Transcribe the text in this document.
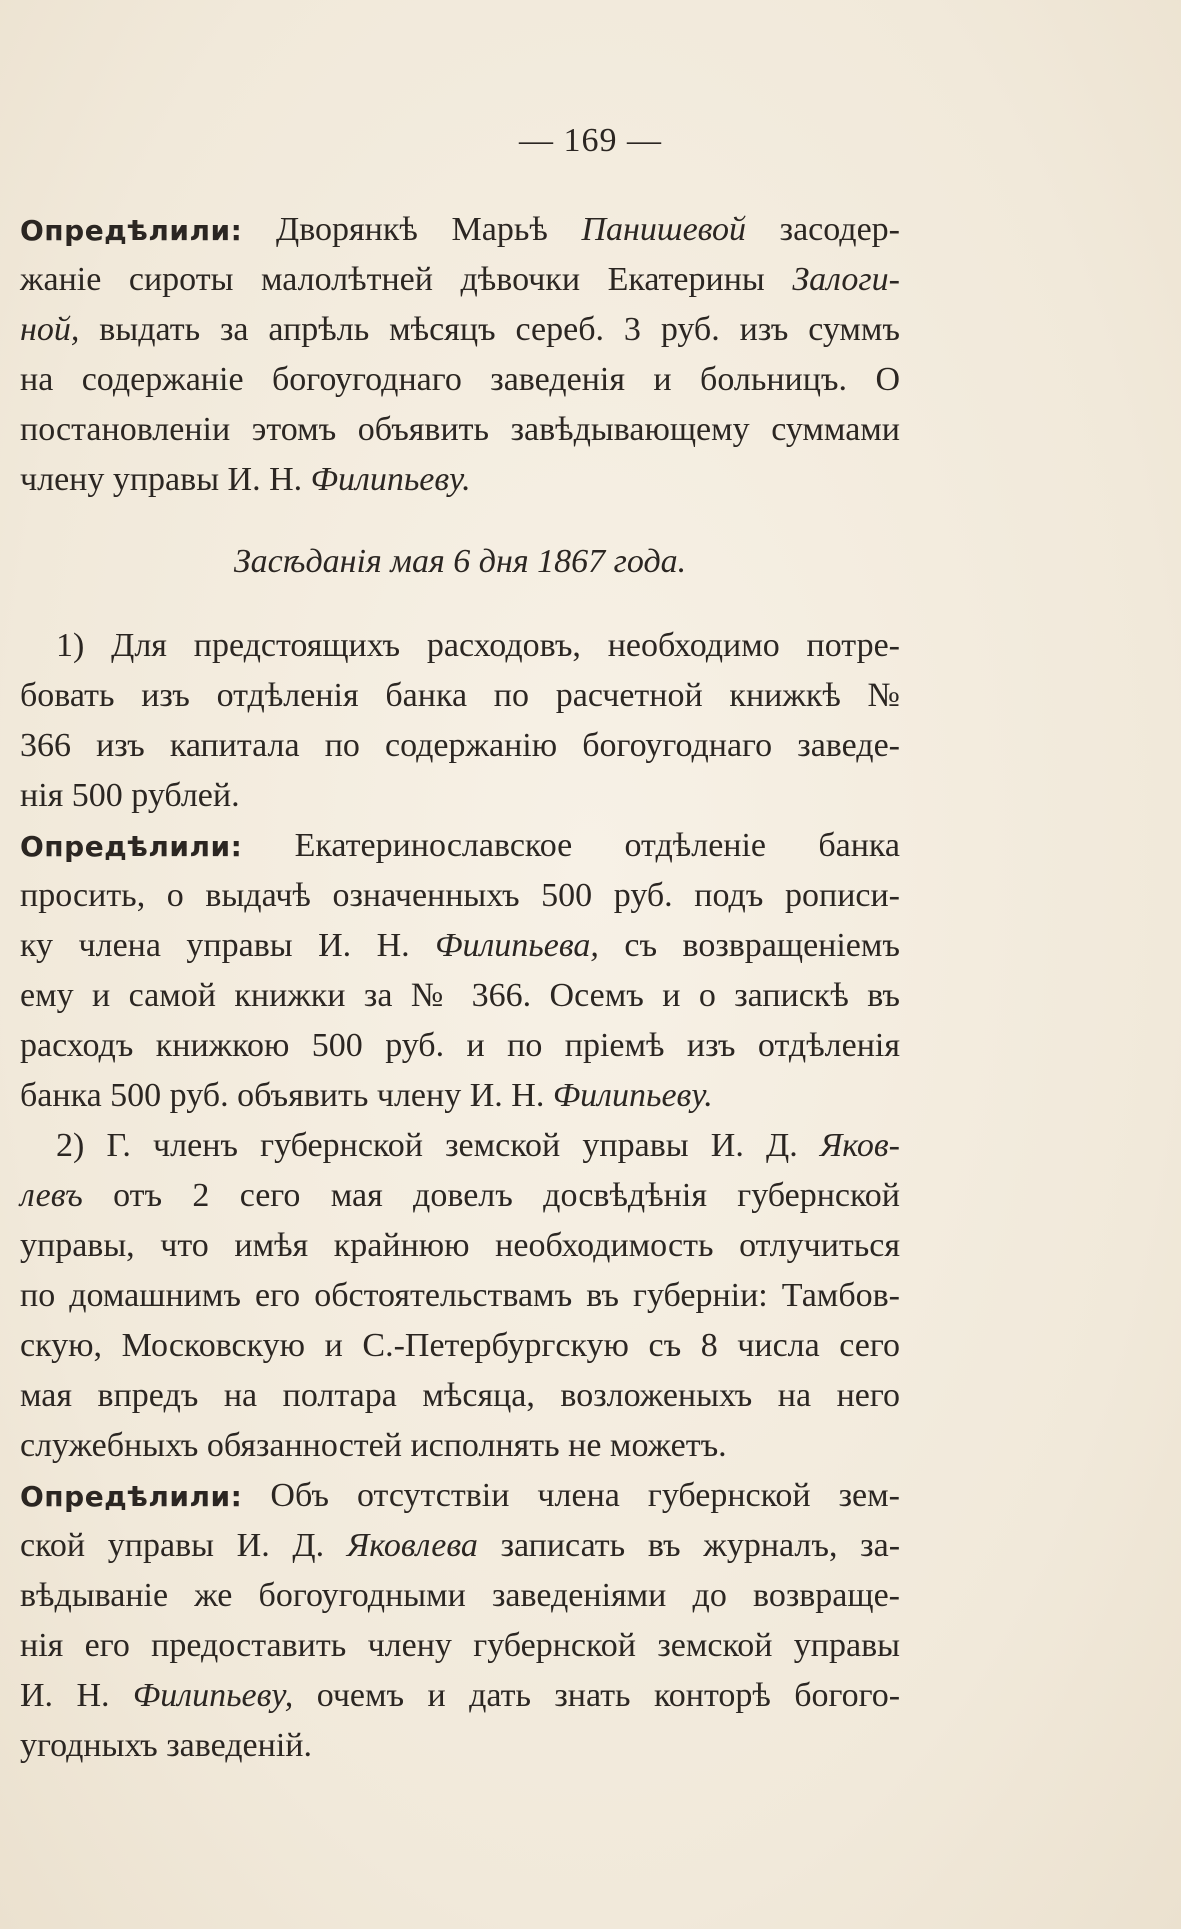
— 169 —
Опредѣлили: Дворянкѣ Марьѣ Панишевой засодер-
жаніе сироты малолѣтней дѣвочки Екатерины Залоги-
ной, выдать за апрѣль мѣсяцъ сереб. 3 руб. изъ суммъ
на содержаніе богоугоднаго заведенія и больницъ. О
постановленіи этомъ объявить завѣдывающему суммами
члену управы И. Н. Филипьеву.
Засѣданія мая 6 дня 1867 года.
1) Для предстоящихъ расходовъ, необходимо потре-
бовать изъ отдѣленія банка по расчетной книжкѣ №
366 изъ капитала по содержанію богоугоднаго заведе-
нія 500 рублей.
Опредѣлили: Екатеринославское отдѣленіе банка
просить, о выдачѣ означенныхъ 500 руб. подъ рописи-
ку члена управы И. Н. Филипьева, съ возвращеніемъ
ему и самой книжки за № 366. Осемъ и о запискѣ въ
расходъ книжкою 500 руб. и по пріемѣ изъ отдѣленія
банка 500 руб. объявить члену И. Н. Филипьеву.
2) Г. членъ губернской земской управы И. Д. Яков-
левъ отъ 2 сего мая довелъ досвѣдѣнія губернской
управы, что имѣя крайнюю необходимость отлучиться
по домашнимъ его обстоятельствамъ въ губерніи: Тамбов-
скую, Московскую и С.-Петербургскую съ 8 числа сего
мая впредъ на полтара мѣсяца, возложеныхъ на него
служебныхъ обязанностей исполнять не можетъ.
Опредѣлили: Объ отсутствіи члена губернской зем-
ской управы И. Д. Яковлева записать въ журналъ, за-
вѣдываніе же богоугодными заведеніями до возвраще-
нія его предоставить члену губернской земской управы
И. Н. Филипьеву, очемъ и дать знать конторѣ богого-
угодныхъ заведеній.
